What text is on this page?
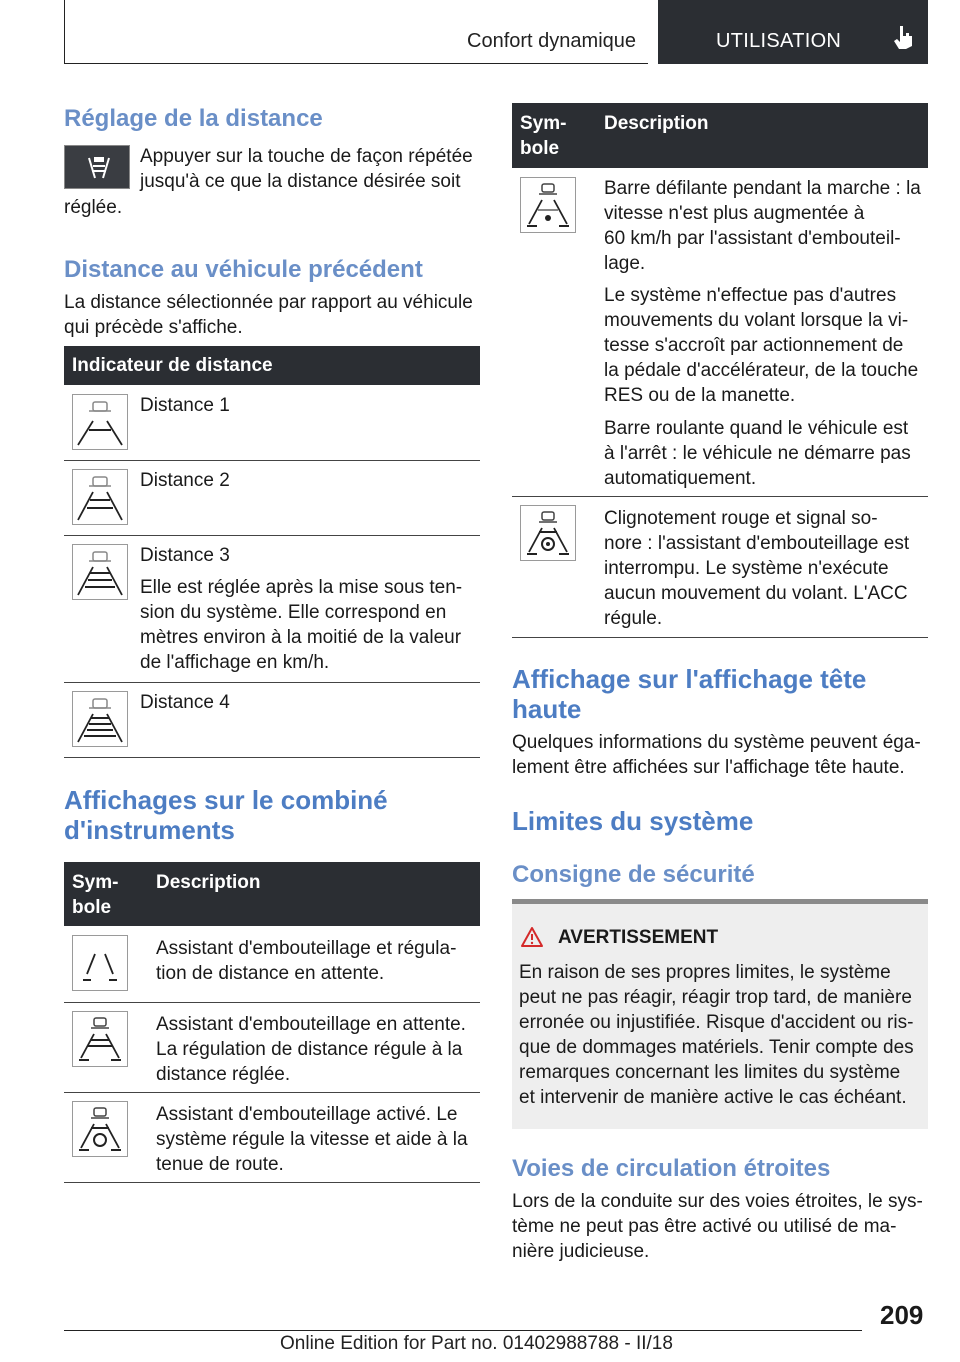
Confort dynamique	UTILISATION
Réglage de la distance

Appuyer sur la touche de façon répétée

jusqu'à ce que la distance désirée soit

réglée.

Distance au véhicule précédent

La distance sélectionnée par rapport au véhicule

qui précède s'affiche.

Indicateur de distance
Distance 1
Distance 2
Distance 3
Elle est réglée après la mise sous ten-
sion du système. Elle correspond en
mètres environ à la moitié de la valeur
de l'affichage en km/h.
Distance 4
Affichages sur le combiné
d'instruments
Sym-
bole
Description
Assistant d'embouteillage et régula-
tion de distance en attente.
Assistant d'embouteillage en attente.
La régulation de distance régule à la
distance réglée.
Assistant d'embouteillage activé. Le
système régule la vitesse et aide à la
tenue de route.
Sym-
bole
Description
Barre défilante pendant la marche : la
vitesse n'est plus augmentée à
60 km/h par l'assistant d'embouteil-
lage.
Le système n'effectue pas d'autres
mouvements du volant lorsque la vi-
tesse s'accroît par actionnement de
la pédale d'accélérateur, de la touche
RES ou de la manette.
Barre roulante quand le véhicule est
à l'arrêt : le véhicule ne démarre pas
automatiquement.
Clignotement rouge et signal so-
nore : l'assistant d'embouteillage est
interrompu. Le système n'exécute
aucun mouvement du volant. L'ACC
régule.
Affichage sur l'affichage tête
haute

Quelques informations du système peuvent éga-

lement être affichées sur l'affichage tête haute.

Limites du système
Consigne de sécurité
AVERTISSEMENT
En raison de ses propres limites, le système
peut ne pas réagir, réagir trop tard, de manière
erronée ou injustifiée. Risque d'accident ou ris-
que de dommages matériels. Tenir compte des
remarques concernant les limites du système
et intervenir de manière active le cas échéant.
Voies de circulation étroites

Lors de la conduite sur des voies étroites, le sys-

tème ne peut pas être activé ou utilisé de ma-

nière judicieuse.

209
Online Edition for Part no. 01402988788 - II/18
